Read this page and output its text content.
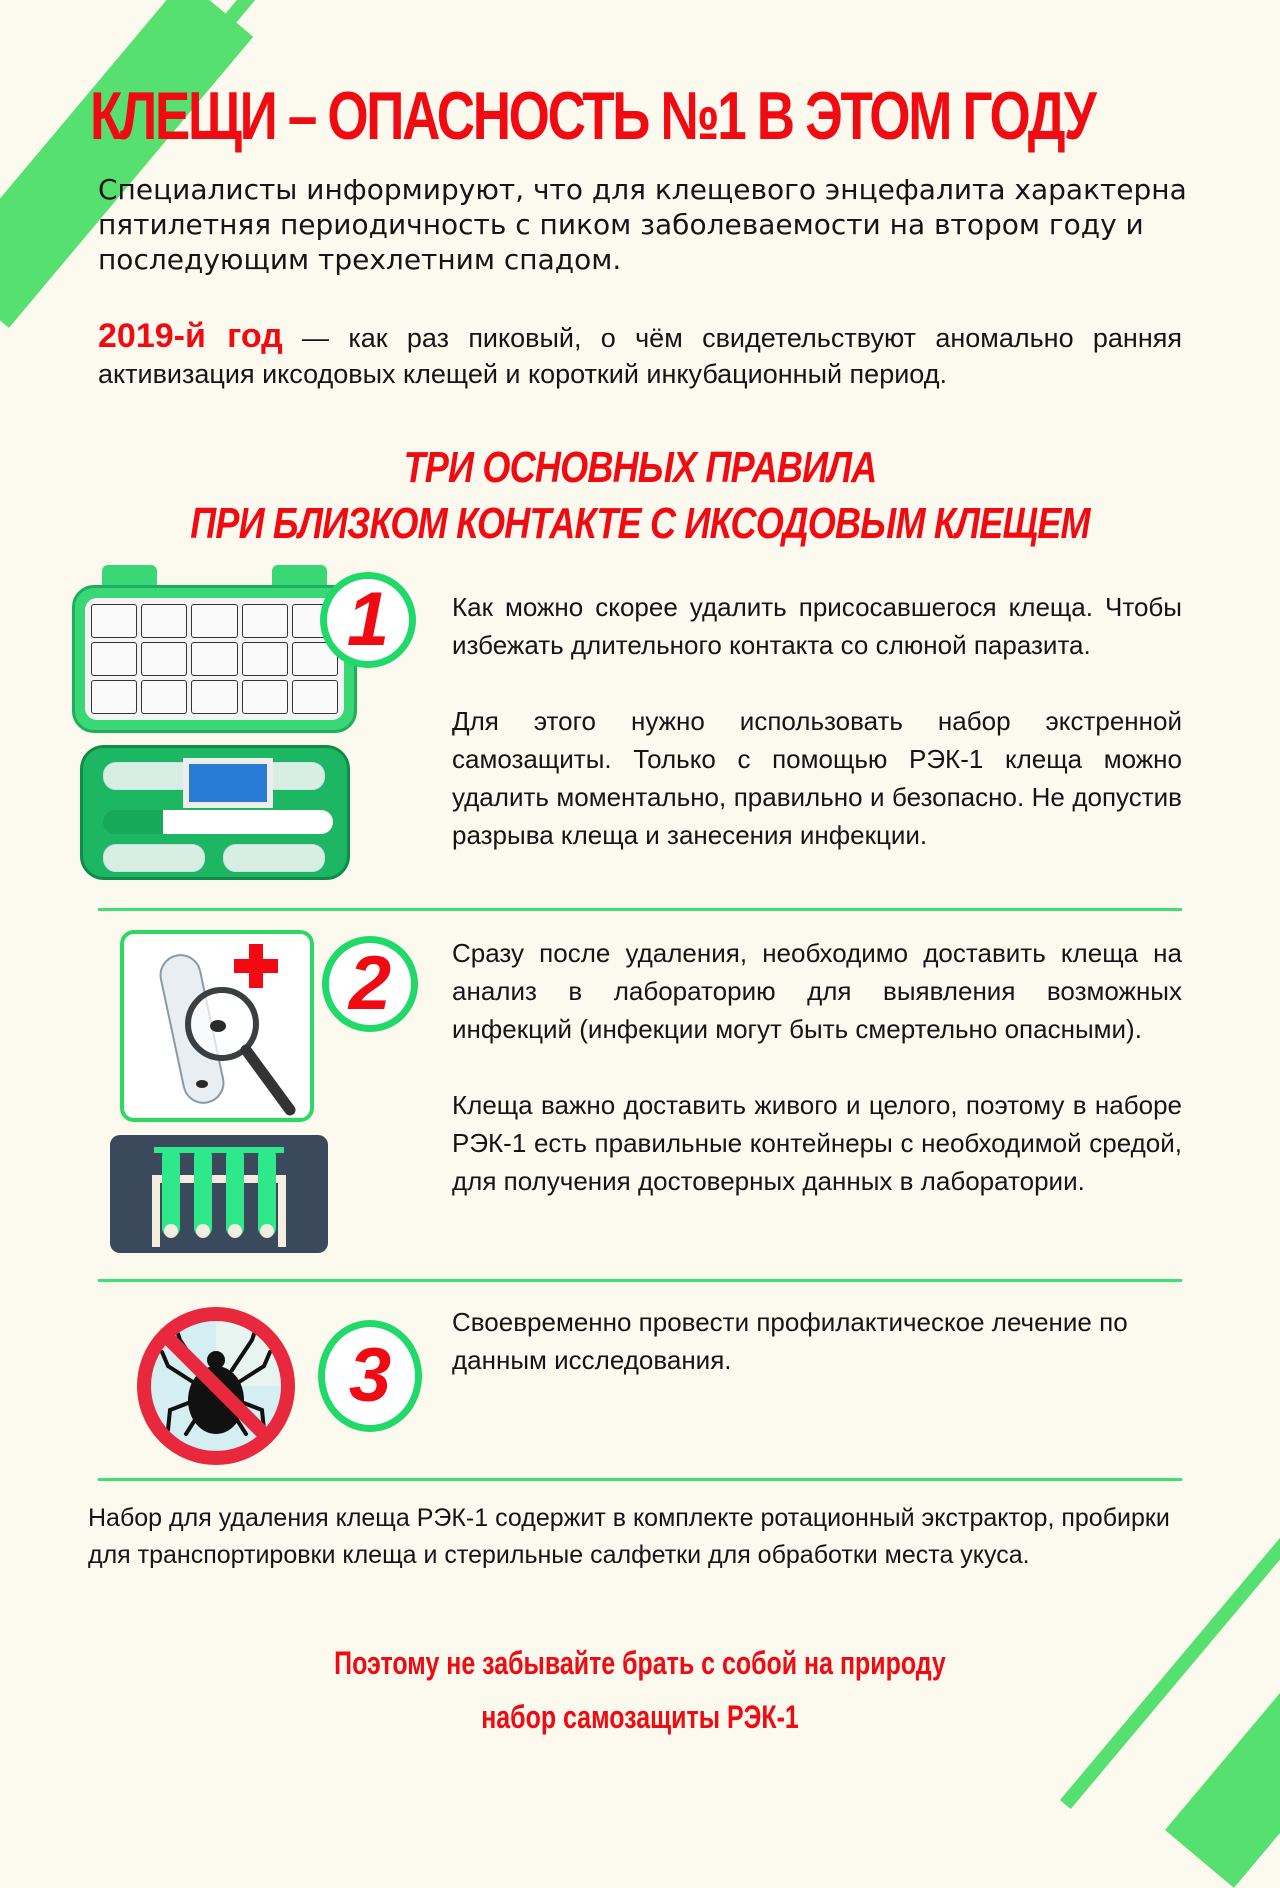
КЛЕЩИ – ОПАСНОСТЬ №1 В ЭТОМ ГОДУ
Специалисты информируют, что для клещевого энцефалита характерна пятилетняя периодичность с пиком заболеваемости на втором году и последующим трехлетним спадом.
2019-й год — как раз пиковый, о чём свидетельствуют аномально ранняя активизация иксодовых клещей и короткий инкубационный период.
ТРИ ОСНОВНЫХ ПРАВИЛА
ПРИ БЛИЗКОМ КОНТАКТЕ С ИКСОДОВЫМ КЛЕЩЕМ
1	Как можно скорее удалить присосавшегося клеща. Чтобы избежать длительного контакта со слюной паразита.

Для этого нужно использовать набор экстренной самозащиты. Только с помощью РЭК-1 клеща можно удалить моментально, правильно и безопасно. Не допустив разрыва клеща и занесения инфекции.

2	Сразу после удаления, необходимо доставить клеща на анализ в лабораторию для выявления возможных инфекций (инфекции могут быть смертельно опасными).

Клеща важно доставить живого и целого, поэтому в наборе РЭК-1 есть правильные контейнеры с необходимой средой, для получения достоверных данных в лаборатории.

3

Своевременно провести профилактическое лечение по данным исследования.

Набор для удаления клеща РЭК-1 содержит в комплекте ротационный экстрактор, пробирки для транспортировки клеща и стерильные салфетки для обработки места укуса.
Поэтому не забывайте брать с собой на природу
набор самозащиты РЭК-1
